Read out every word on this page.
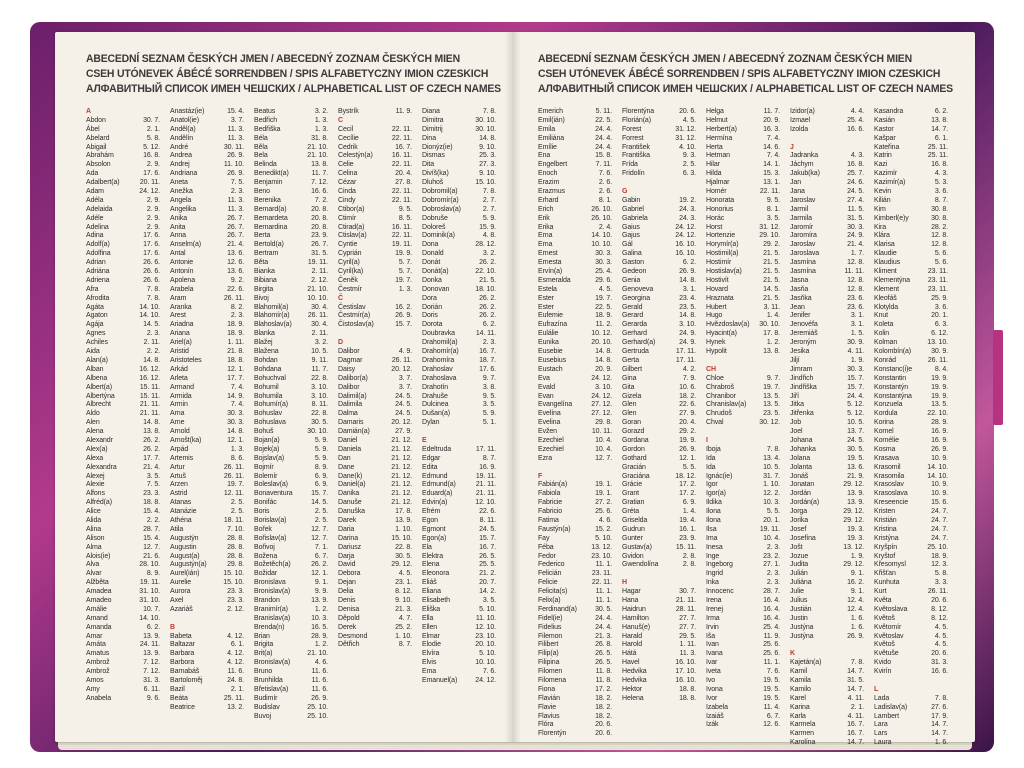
ABECEDNÍ SEZNAM ČESKÝCH JMEN / ABECEDNÝ ZOZNAM ČESKÝCH MIEN
CSEH UTÓNEVEK ÁBÉCÉ SORRENDBEN / SPIS ALFABETYCZNY IMION CZESKICH
АЛФАВИТНЫЙ СПИСОК ИМЕН ЧЕШСКИХ / ALPHABETICAL LIST OF CZECH NAMES
A
Abdon	30. 7.
Ábel	2. 1.
Abelard	5. 8.
Abigail	5. 12.
Abrahám	16. 8.
Absolon	2. 9.
Ada	17. 6.
Adalbert(a)	20. 11.
Adam	24. 12.
Adéla	2. 9.
Adelaida	2. 9.
Adéle	2. 9.
Adelina	2. 9.
Adina	17. 6.
Adolf(a)	17. 6.
Adolfina	17. 6.
Adrian	26. 6.
Adriána	26. 6.
Adriena	26. 6.
Afra	7. 8.
Afrodita	7. 8.
Agáta	14. 10.
Agaton	14. 10.
Agája	14. 5.
Agnes	2. 3.
Achiles	2. 11.
Aida	2. 2.
Alan(a)	14. 8.
Alban	16. 12.
Albena	16. 12.
Albert(a)	15. 11.
Albertýna	15. 11.
Albrecht	21. 11.
Aldo	21. 11.
Alen	14. 8.
Alena	13. 8.
Alexandr	26. 2.
Alex(a)	26. 2.
Alexa	17. 7.
Alexandra	21. 4.
Alexej	3. 5.
Alexie	7. 5.
Alfons	23. 3.
Alfréd(a)	18. 8.
Alice	15. 4.
Alida	2. 2.
Alina	28. 7.
Alison	15. 4.
Alma	12. 7.
Alois(ie)	21. 6.
Alva	28. 10.
Alvar	8. 9.
Alžběta	19. 11.
Amadea	31. 10.
Amadeo	31. 10.
Amálie	10. 7.
Amand	14. 10.
Amanda	6. 2.
Amar	13. 9.
Amáta	24. 11.
Amatus	13. 9.
Ambrož	7. 12.
Ambrož	7. 12.
Amos	31. 3.
Amy	6. 11.
Anabela	9. 6.
Anastáz(ie)	15. 4.
Anatol(ie)	3. 7.
Anděl(a)	11. 3.
Andělín	11. 3.
André	30. 11.
Andrea	26. 9.
Andrej	11. 10.
Andriana	26. 9.
Aneta	7. 5.
Anežka	2. 3.
Angela	11. 3.
Angelika	11. 3.
Anika	26. 7.
Anita	26. 7.
Anna	26. 7.
Anselm(a)	21. 4.
Antal	13. 6.
Antonie	12. 6.
Antonín	13. 6.
Apolena	9. 2.
Arabela	22. 6.
Aram	26. 11.
Aranka	8. 2.
Arest	2. 3.
Ariadna	18. 9.
Ariana	18. 9.
Ariel(a)	1. 11.
Aristid	21. 8.
Aristoteles	18. 8.
Arkád	12. 1.
Arleta	17. 7.
Armand	7. 4.
Armida	14. 9.
Armin	7. 4.
Arna	30. 3.
Arne	30. 3.
Arnold	14. 8.
Arnošt(ka)	12. 1.
Arpád	1. 3.
Artemis	8. 6.
Artur	26. 11.
Artuš	26. 11.
Arzen	19. 7.
Astrid	12. 11.
Atanas	2. 5.
Atanázie	2. 5.
Athéna	18. 11.
Atila	7. 10.
Augustýn	28. 8.
Augustin	28. 8.
August(a)	28. 8.
Augustýn(a)	29. 8.
Aurel(ián)	15. 10.
Aurelie	15. 10.
Aurora	23. 3.
Axel	23. 3.
Azariáš	2. 12.
B
Babeta	4. 12.
Baltazar	6. 1.
Barbara	4. 12.
Barbora	4. 12.
Barnabáš	11. 6.
Bartoloměj	24. 8.
Bazil	2. 1.
Beáta	25. 11.
Beatrice	13. 2.
Beatus	3. 2.
Bedřich	1. 3.
Bedřiška	1. 3.
Béla	31. 8.
Běla	21. 10.
Bela	21. 10.
Belinda	13. 8.
Benedikt(a)	11. 7.
Benjamin	7. 12.
Beno	16. 6.
Berenika	7. 2.
Bernard(a)	20. 8.
Bernardeta	20. 8.
Bernardina	20. 8.
Berta	23. 9.
Bertold(a)	26. 7.
Bertram	31. 5.
Běta	19. 11.
Bianka	2. 11.
Bibiana	2. 12.
Birgita	21. 10.
Bivoj	10. 10.
Blahomil(a)	30. 4.
Blahomír(a)	26. 11.
Blahoslav(a)	30. 4.
Blanka	2. 11.
Blažej	3. 2.
Blažena	10. 5.
Bohdan	9. 11.
Bohdana	11. 7.
Bohuchval	22. 8.
Bohumil	3. 10.
Bohumila	3. 10.
Bohumír(a)	8. 11.
Bohuslav	22. 8.
Bohuslava	30. 5.
Bohuš	30. 10.
Bojan(a)	5. 9.
Bojek(a)	5. 9.
Bojslav(a)	5. 9.
Bojmír	8. 9.
Bolemír	6. 9.
Boleslav(a)	6. 9.
Bonaventura	15. 7.
Bonifác	14. 5.
Boris	2. 5.
Borislav(a)	2. 5.
Bořek	12. 7.
Bořislav(a)	12. 7.
Bořivoj	7. 1.
Božena	6. 7.
Božetěch(a)	26. 2.
Božidar	12. 1.
Bronislava	9. 1.
Bronislav(a)	9. 9.
Brandon	13. 9.
Branimír(a)	1. 2.
Branislav(a)	10. 3.
Brenda(n)	16. 5.
Brian	28. 9.
Brigita	1. 2.
Brit(a)	21. 10.
Bronislav(a)	4. 6.
Bruno	11. 6.
Brunhilda	11. 6.
Břetislav(a)	11. 6.
Budimír	26. 9.
Budislav	25. 10.
Buvoj	25. 10.
Bystrík	11. 9.
C
Cecil	22. 11.
Cecílie	22. 11.
Cedrik	16. 7.
Celestýn(a)	16. 11.
Celie	22. 11.
Celina	20. 4.
Cézar	27. 8.
Cinda	22. 11.
Cindy	22. 11.
Ctibor(a)	9. 5.
Ctimír	8. 5.
Ctirad(a)	16. 11.
Ctislav(a)	22. 11.
Cyntie	19. 11.
Cyprián	19. 9.
Cyril(a)	5. 7.
Cyril(ka)	5. 7.
Čeněk	19. 7.
Čestmír	1. 3.
Č
Čestislav	16. 2.
Čestmír(a)	26. 9.
Čistoslav(a)	15. 7.
D
Dalibor	4. 9.
Dagmar	26. 11.
Daisy	20. 12.
Dalibor(a)	3. 7.
Dalibor	3. 7.
Dalimil(a)	24. 5.
Dalimila	24. 5.
Dalma	24. 5.
Damaris	20. 12.
Damián(a)	27. 9.
Daniel	21. 12.
Daniela	21. 12.
Dan	21. 12.
Dane	21. 12.
Dane(k)	21. 12.
Daniel(a)	21. 12.
Danika	21. 12.
Danuše	21. 12.
Danuška	17. 8.
Darek	13. 9.
Daria	1. 10.
Darina	15. 10.
Dariusz	22. 8.
Darja	30. 5.
David	29. 12.
Debora	4. 5.
Dejan	23. 1.
Delia	8. 12.
Denis	9. 10.
Denisa	21. 3.
Děpold	4. 7.
Derek	25. 2.
Desmond	1. 10.
Dětřich	8. 7.
Diana	7. 8.
Dimitra	30. 10.
Dimitrij	30. 10.
Dina	14. 8.
Dionýz(ie)	9. 10.
Dismas	25. 3.
Dita	27. 3.
Divíš(ka)	9. 10.
Dluhoš	15. 10.
Dobromil(a)	7. 8.
Dobromír(a)	2. 7.
Dobroslav(a)	2. 7.
Dobruše	5. 9.
Doloreš	15. 9.
Dominik(a)	4. 8.
Dona	28. 12.
Donald	3. 2.
Donát	26. 2.
Donát(a)	22. 10.
Donka	21. 5.
Donovan	18. 10.
Dora	26. 2.
Dorián	26. 2.
Doris	26. 2.
Dorota	6. 2.
Doubravka	14. 11.
Drahomil(a)	2. 3.
Drahomír(a)	16. 7.
Drahomíra	18. 7.
Drahoslav	17. 6.
Drahoslava	9. 7.
Drahotín	3. 8.
Drahuše	9. 5.
Dulcinea	3. 5.
Dušan(a)	5. 9.
Dylan	5. 1.
E
Edeltruda	17. 11.
Edgar	8. 7.
Edita	16. 9.
Edmund	19. 11.
Edmund(a)	21. 11.
Eduard(a)	21. 11.
Edvin(a)	12. 10.
Efrém	22. 6.
Egon	8. 11.
Egmont	24. 5.
Egon(a)	15. 7.
Ela	16. 7.
Elektra	26. 5.
Elena	25. 5.
Eleonora	21. 2.
Eliáš	20. 7.
Eliana	14. 2.
Elisabeth	3. 5.
Eliška	5. 10.
Ella	11. 10.
Ellen	12. 10.
Elmar	23. 10.
Elodie	20. 10.
Elvíra	5. 10.
Elvis	10. 10.
Ema	7. 6.
Emanuel(a)	24. 12.
ABECEDNÍ SEZNAM ČESKÝCH JMEN / ABECEDNÝ ZOZNAM ČESKÝCH MIEN
CSEH UTÓNEVEK ÁBÉCÉ SORRENDBEN / SPIS ALFABETYCZNY IMION CZESKICH
АЛФАВИТНЫЙ СПИСОК ИМЕН ЧЕШСКИХ / ALPHABETICAL LIST OF CZECH NAMES
Emerich	5. 11.
Emil(ián)	22. 5.
Emila	24. 4.
Emiliána	24. 4.
Emílie	24. 4.
Ena	15. 8.
Engelbert	7. 11.
Enoch	7. 6.
Erazim	2. 6.
Erazmus	2. 6.
Erhard	8. 1.
Erich	26. 10.
Erik	26. 10.
Erika	2. 4.
Erna	14. 10.
Erna	10. 10.
Ernest	30. 3.
Ernesta	30. 3.
Ervín(a)	25. 4.
Esmeralda	29. 6.
Estela	4. 5.
Ester	19. 7.
Ester	22. 5.
Eufemie	18. 9.
Eufrazína	11. 2.
Eulálie	10. 12.
Eunika	20. 10.
Eusebie	14. 8.
Eusebius	14. 8.
Eustach	20. 9.
Eva	24. 12.
Evald	3. 10.
Evan	24. 12.
Evangelína	27. 12.
Evelína	27. 12.
Evelina	29. 8.
Evžen	10. 11.
Ezechiel	10. 4.
Ezechiel	10. 4.
Ezra	12. 7.
F
Fabián(a)	19. 1.
Fabiola	19. 1.
Fabricie	27. 2.
Fabricio	25. 6.
Fatima	4. 6.
Faustýn(a)	15. 2.
Fay	5. 10.
Féba	13. 12.
Fedor	23. 10.
Federico	11. 1.
Felicián	23. 11.
Felicie	22. 11.
Felicita(s)	11. 1.
Felix(a)	11. 1.
Ferdinand(a)	30. 5.
Fidel(ie)	24. 4.
Fidelius	24. 4.
Filemon	21. 3.
Filibert	26. 8.
Filip(a)	26. 5.
Filipina	26. 5.
Filomen	11. 8.
Filomena	11. 8.
Fiona	17. 2.
Flavián	18. 2.
Flavie	18. 2.
Flavius	18. 2.
Flóra	20. 6.
Florentýn	20. 6.
Florentýna	20. 6.
Florián(a)	4. 5.
Forest	31. 12.
Forrest	31. 12.
František	4. 10.
Františka	9. 3.
Frída	2. 5.
Fridolín	6. 3.
G
Gabin	19. 2.
Gabriel	24. 3.
Gabriela	24. 3.
Gaius	24. 12.
Gajus	24. 12.
Gál	16. 10.
Galina	16. 10.
Gaston	6. 2.
Gedeon	26. 9.
Genia	14. 8.
Genoveva	3. 1.
Georgina	23. 4.
Gerald	23. 5.
Gerard	14. 8.
Gerarda	3. 10.
Gerhard	24. 9.
Gerhard(a)	24. 9.
Gertruda	17. 11.
Gerta	17. 11.
Gilbert	4. 2.
Gina	7. 9.
Gita	10. 6.
Gizela	18. 2.
Glen	22. 6.
Glen	27. 9.
Goran	20. 4.
Gorazd	29. 2.
Gordana	19. 9.
Gordon	26. 9.
Gothard	12. 1.
Gracián	5. 5.
Graciána	18. 12.
Grácie	17. 2.
Grant	17. 2.
Gratian	6. 9.
Gréta	1. 4.
Griselda	19. 4.
Gudrun	16. 1.
Gunter	23. 9.
Gustav(a)	15. 11.
Gvidon	2. 8.
Gwendolína	2. 8.
H
Hagar	30. 7.
Hana	21. 11.
Haidrun	28. 11.
Hamilton	27. 7.
Hanuš(e)	27. 7.
Harald	29. 5.
Harold	1. 11.
Hátá	11. 3.
Havel	16. 10.
Hedvika	17. 10.
Hedvika	16. 10.
Hektor	18. 8.
Helena	18. 8.
Helga	11. 7.
Helmut	20. 9.
Herbert(a)	16. 3.
Hermína	7. 4.
Herta	14. 6.
Hetman	7. 4.
Hilar	14. 1.
Hilda	15. 3.
Hjalmar	13. 1.
Homér	22. 11.
Honorata	9. 5.
Honorius	8. 1.
Horác	3. 5.
Horst	31. 12.
Hortenzie	29. 10.
Horymír(a)	29. 2.
Hostimil(a)	21. 5.
Hostimír	21. 5.
Hostislav(a)	21. 5.
Hostivít	21. 5.
Hovard	14. 5.
Hraznata	21. 5.
Hubert	3. 11.
Hugo	1. 4.
Hvězdoslav(a) 30. 10.
Hyacint(a)	17. 8.
Hynek	1. 2.
Hypolit	13. 8.
CH
Chloe	9. 7.
Chrabroš	19. 7.
Chranibor	13. 5.
Chranislav(a) 13. 5.
Chrudoš	23. 5.
Chval	30. 12.
I
Iboja	7. 8.
Ida	13. 4.
Ida	10. 5.
Ignác(ie)	31. 7.
Igor	1. 10.
Igor(a)	12. 2.
Ildika	10. 3.
Ilona	5. 5.
Ilona	20. 1.
Ilsa	19. 11.
Ima	10. 4.
Inesa	2. 3.
Inge	23. 2.
Ingeborg	27. 1.
Ingrid	2. 3.
Inka	2. 3.
Innocenc	28. 7.
Irena	16. 4.
Irenej	16. 4.
Irma	16. 4.
Irvin	25. 4.
Iša	11. 9.
Ivan	25. 6.
Ivana	25. 6.
Ivar	11. 1.
Iveta	7. 6.
Ivo	19. 5.
Ivona	19. 5.
Ivor	19. 5.
Izabela	11. 4.
Izaiáš	6. 7.
Izák	12. 6.
Izidor(a)	4. 4.
Izmael	25. 4.
Izolda	16. 6.
J
Jadranka	4. 3.
Jáchym	16. 8.
Jakub(ka)	25. 7.
Jan	24. 6.
Jana	24. 5.
Jaroslav	27. 4.
Jarmil	11. 5.
Jarmila	31. 5.
Jaromír	30. 3.
Jaromíra	24. 9.
Jaroslav	21. 4.
Jaroslava	1. 7.
Jasmína	12. 8.
Jasmína	11. 11.
Jasna	12. 8.
Jasňa	12. 8.
Jasňka	23. 6.
Jean	23. 6.
Jenifer	3. 1.
Jenovéfa	3. 1.
Jeremiáš	1. 5.
Jeroným	30. 9.
Jesika	4. 11.
Jiljí	1. 9.
Jimram	30. 3.
Jindřich	15. 7.
Jindřiška	15. 7.
Jiří	24. 4.
Jitka	5. 12.
Jitřenka	5. 12.
Job	10. 5.
Joel	13. 7.
Johana	24. 5.
Johanka	30. 5.
Jolana	19. 5.
Jolanta	13. 6.
Jonáš	21. 9.
Jonatan	29. 12.
Jordán	13. 9.
Jordán(a)	13. 9.
Jorga	29. 12.
Jorika	29. 12.
Josef	19. 3.
Josefína	19. 3.
Jošt	13. 12.
Jozue	1. 9.
Judita	29. 12.
Julián	9. 1.
Juliána	16. 2.
Julie	9. 1.
Julius	12. 4.
Justián	12. 4.
Justin	1. 6.
Justýna	1. 6.
Justýna	26. 9.
K
Kajetán(a)	7. 8.
Kamil	14. 7.
Kamila	31. 5.
Kamilo	14. 7.
Karel	4. 11.
Karina	2. 1.
Karla	4. 11.
Karmela	16. 7.
Karmen	16. 7.
Karolína	14. 7.
Kasandra	6. 2.
Kasián	13. 8.
Kastor	14. 7.
Kašpar	6. 1.
Kateřina	25. 11.
Katrin	25. 11.
Kazi	16. 8.
Kazimír	4. 3.
Kazimír(a)	5. 3.
Kevin	3. 6.
Kilián	8. 7.
Kim	30. 8.
Kimberl(e)y	30. 8.
Kira	28. 2.
Klára	12. 8.
Klarisa	12. 8.
Klaudie	5. 6.
Klaudius	5. 6.
Kliment	23. 11.
Klementýna	23. 11.
Klement	23. 11.
Kleofáš	25. 9.
Klotylda	3. 6.
Knut	20. 1.
Koleta	6. 3.
Kolin	6. 12.
Kolman	13. 10.
Kolombín(a)	30. 9.
Konrád	26. 11.
Konstanc(i)e	8. 4.
Konstantin	19. 9.
Konstantýn	19. 9.
Konstantýna	19. 9.
Konzuela	13. 5.
Kordula	22. 10.
Korina	28. 9.
Kornel	16. 9.
Kornélie	16. 9.
Kosma	26. 9.
Krasava	10. 9.
Krasomil	14. 10.
Krasomila	14. 10.
Krasoslav	10. 9.
Krasoslava	10. 9.
Kreseencie	15. 6.
Kristen	24. 7.
Kristián	24. 7.
Kristina	24. 7.
Kristýna	24. 7.
Kryšpín	25. 10.
Kryštof	18. 9.
Křesomysl	12. 3.
Křišťan	5. 8.
Kunhuta	3. 3.
Kurt	26. 11.
Květa	20. 6.
Květoslava	8. 12.
Květoš	8. 12.
Květomír	4. 5.
Květoslav	4. 5.
Květoš	4. 5.
Květuše	20. 6.
Kvido	31. 3.
Kvirín	16. 6.
L
Lada	7. 8.
Ladislav(a)	27. 6.
Lambert	17. 9.
Lara	14. 7.
Lars	14. 7.
Laura	1. 6.
